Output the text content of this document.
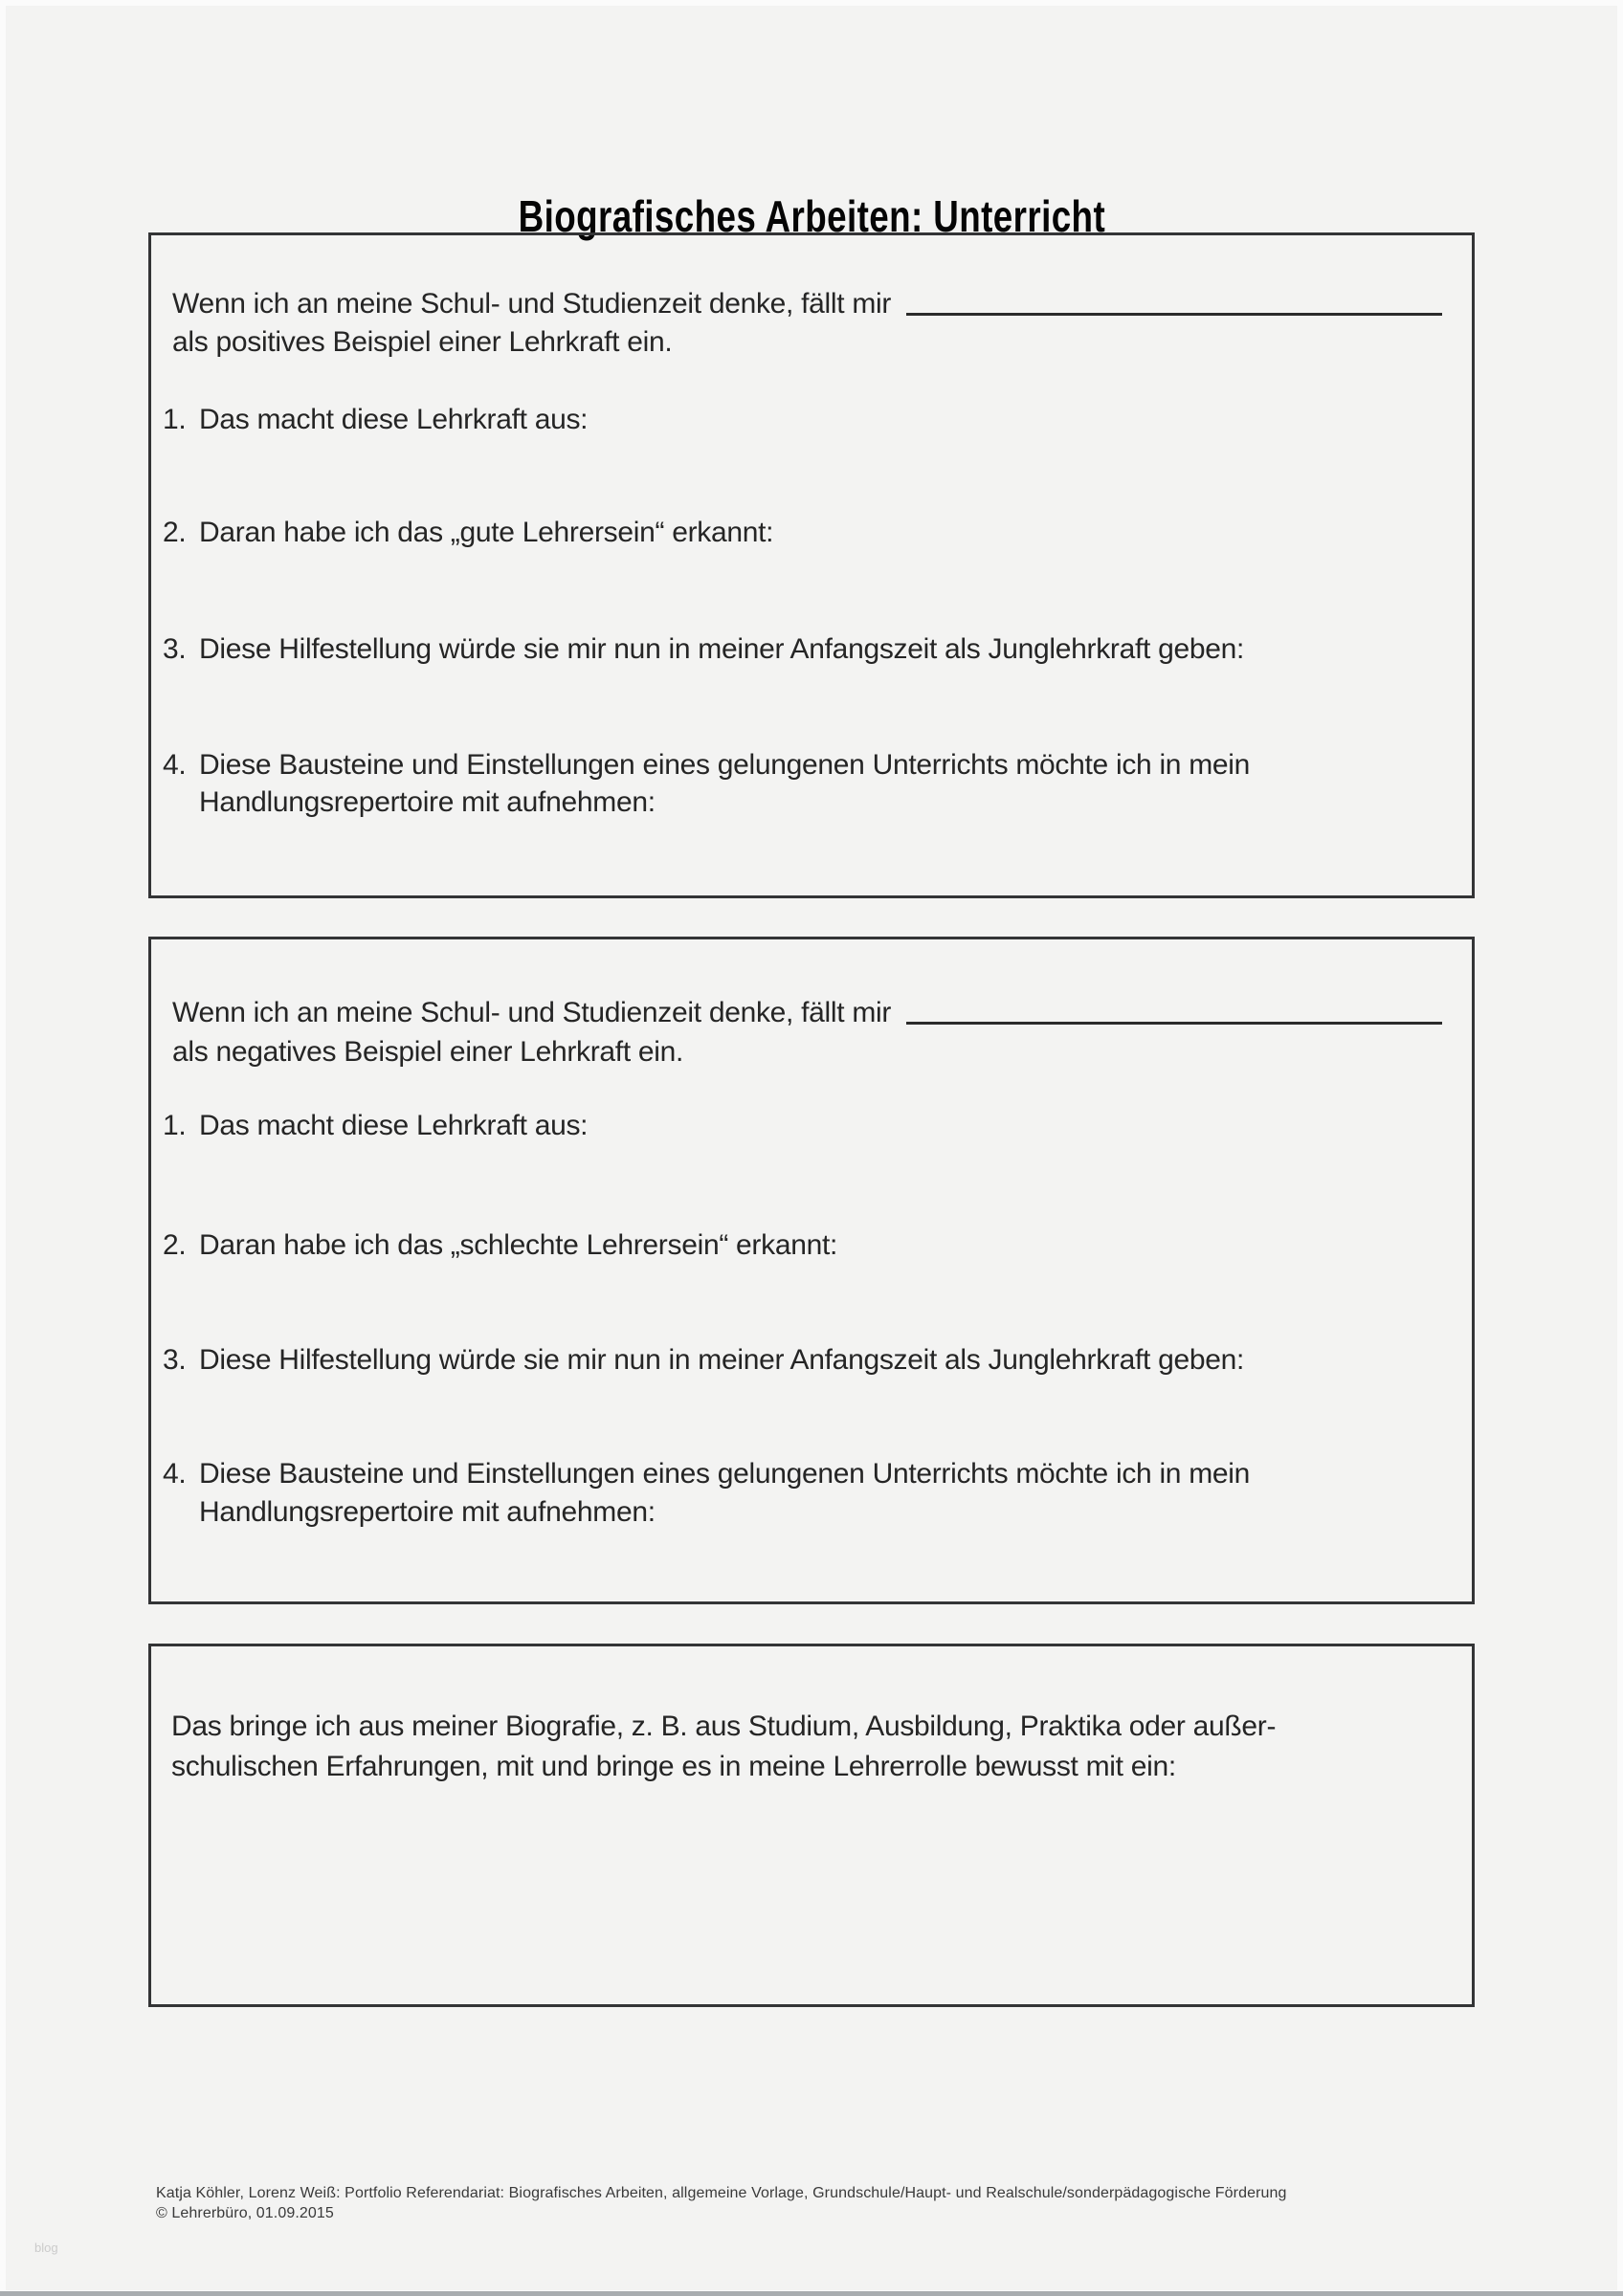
Biografisches Arbeiten: Unterricht
Wenn ich an meine Schul- und Studienzeit denke, fällt mir
als positives Beispiel einer Lehrkraft ein.
1. Das macht diese Lehrkraft aus:
2. Daran habe ich das „gute Lehrersein“ erkannt:
3. Diese Hilfestellung würde sie mir nun in meiner Anfangszeit als Junglehrkraft geben:
4. Diese Bausteine und Einstellungen eines gelungenen Unterrichts möchte ich in mein
Handlungsrepertoire mit aufnehmen:
Wenn ich an meine Schul- und Studienzeit denke, fällt mir
als negatives Beispiel einer Lehrkraft ein.
1. Das macht diese Lehrkraft aus:
2. Daran habe ich das „schlechte Lehrersein“ erkannt:
3. Diese Hilfestellung würde sie mir nun in meiner Anfangszeit als Junglehrkraft geben:
4. Diese Bausteine und Einstellungen eines gelungenen Unterrichts möchte ich in mein
Handlungsrepertoire mit aufnehmen:
Das bringe ich aus meiner Biografie, z. B. aus Studium, Ausbildung, Praktika oder außer-
schulischen Erfahrungen, mit und bringe es in meine Lehrerrolle bewusst mit ein:
Katja Köhler, Lorenz Weiß: Portfolio Referendariat: Biografisches Arbeiten, allgemeine Vorlage, Grundschule/Haupt- und Realschule/sonderpädagogische Förderung
© Lehrerbüro, 01.09.2015
blog
